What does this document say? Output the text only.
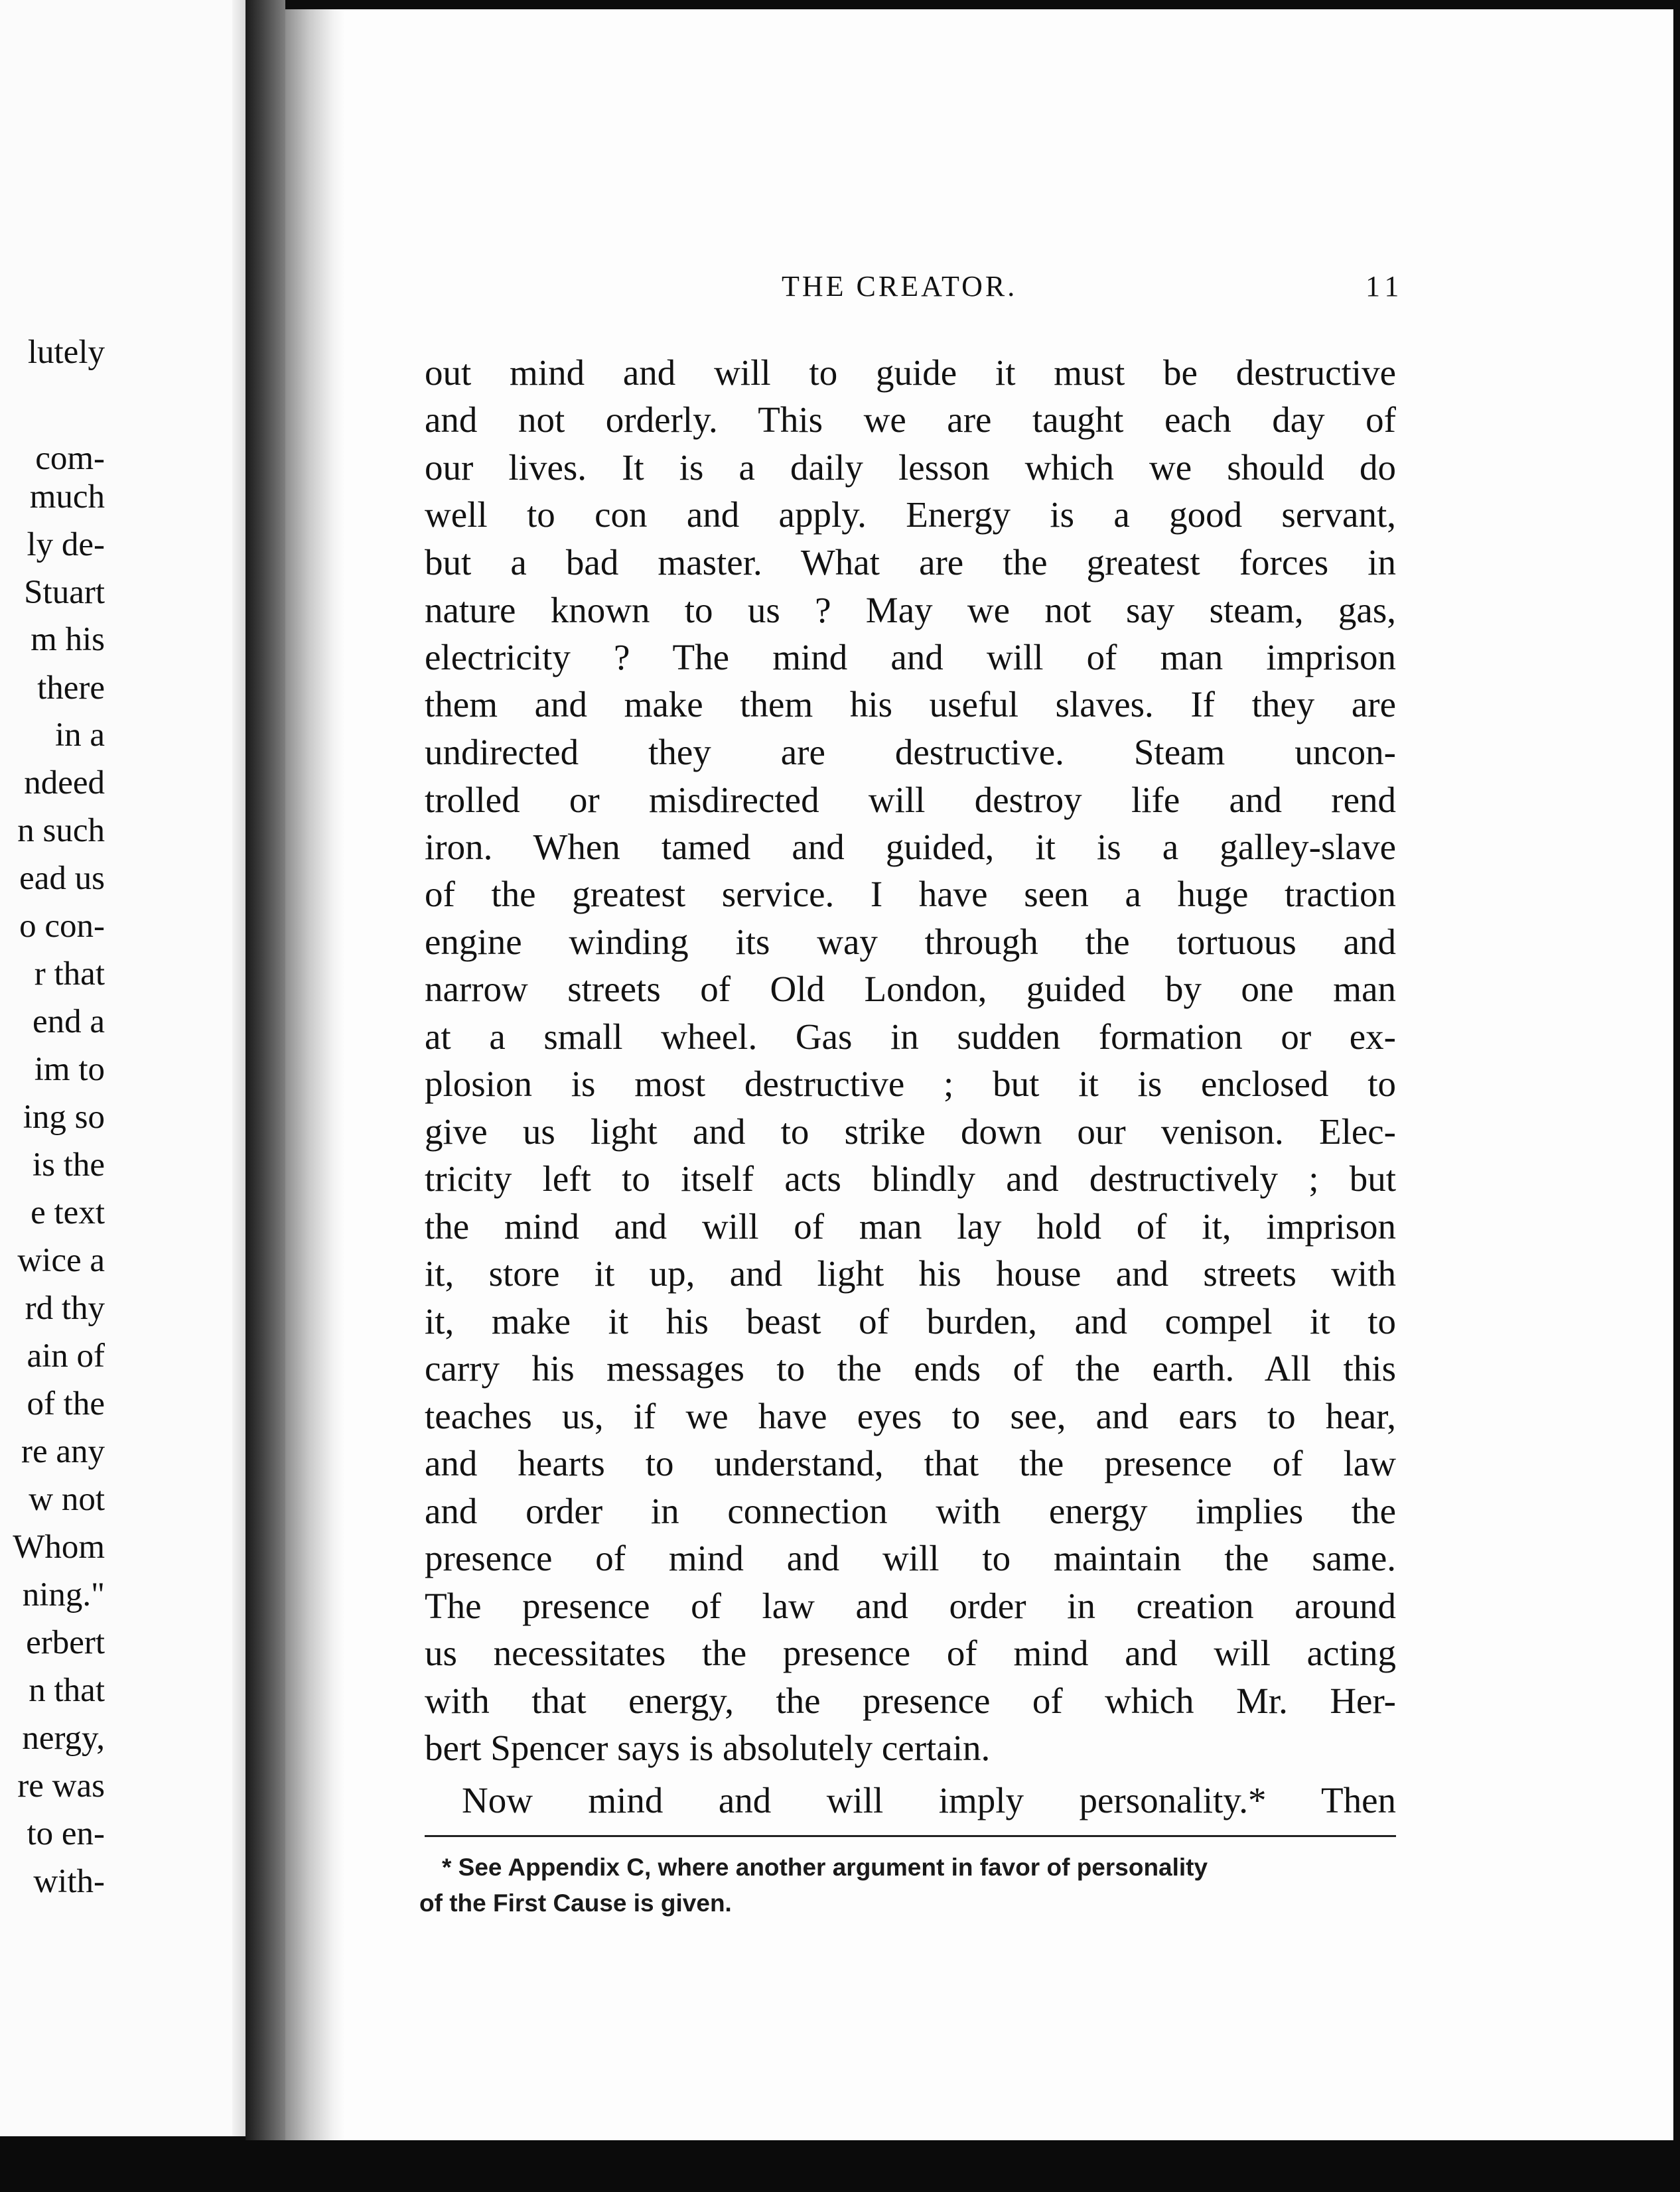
lutely
com-
much
ly de-
Stuart
m his
there
in a
ndeed
n such
ead us
o con-
r that
end a
im to
ing so
is the
e text
wice a
rd thy
ain of
of the
re any
w not
Whom
ning."
erbert
n that
nergy,
re was
to en-
with-
THE CREATOR.	11
out mind and will to guide it must be destructive
and not orderly. This we are taught each day of
our lives. It is a daily lesson which we should do
well to con and apply. Energy is a good servant,
but a bad master. What are the greatest forces in
nature known to us ? May we not say steam, gas,
electricity ? The mind and will of man imprison
them and make them his useful slaves. If they are
undirected they are destructive. Steam uncon-
trolled or misdirected will destroy life and rend
iron. When tamed and guided, it is a galley-slave
of the greatest service. I have seen a huge traction
engine winding its way through the tortuous and
narrow streets of Old London, guided by one man
at a small wheel. Gas in sudden formation or ex-
plosion is most destructive ; but it is enclosed to
give us light and to strike down our venison. Elec-
tricity left to itself acts blindly and destructively ; but
the mind and will of man lay hold of it, imprison
it, store it up, and light his house and streets with
it, make it his beast of burden, and compel it to
carry his messages to the ends of the earth. All this
teaches us, if we have eyes to see, and ears to hear,
and hearts to understand, that the presence of law
and order in connection with energy implies the
presence of mind and will to maintain the same.
The presence of law and order in creation around
us necessitates the presence of mind and will acting
with that energy, the presence of which Mr. Her-
bert Spencer says is absolutely certain.
Now mind and will imply personality.* Then
* See Appendix C, where another argument in favor of personality
of the First Cause is given.
